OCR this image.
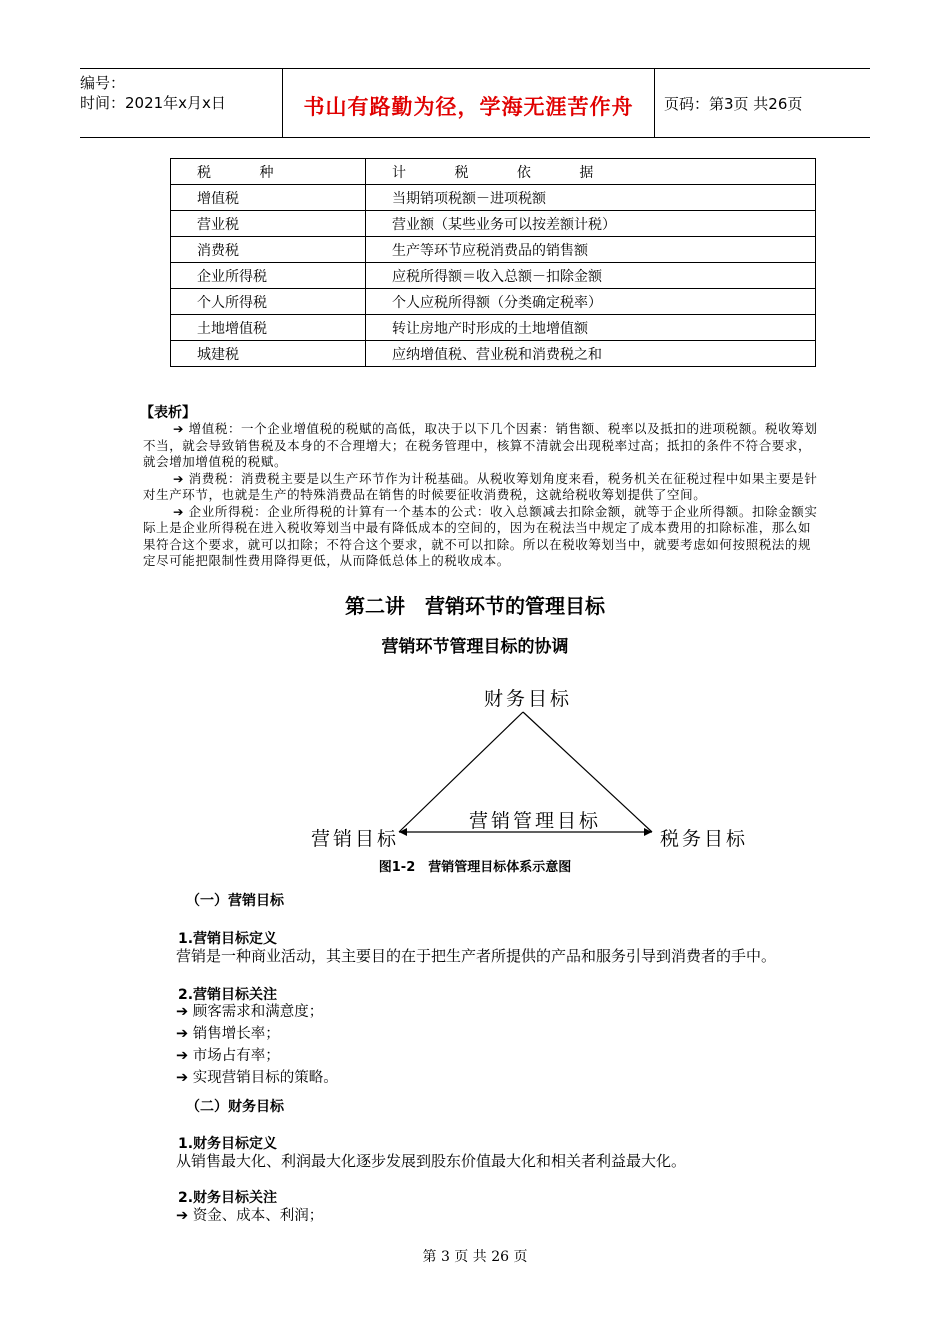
编号：
时间：2021年x月x日	书山有路勤为径，学海无涯苦作舟	页码：第3页 共26页
税 种	计 税 依 据
增值税	当期销项税额－进项税额
营业税	营业额（某些业务可以按差额计税）
消费税	生产等环节应税消费品的销售额
企业所得税	应税所得额＝收入总额－扣除金额
个人所得税	个人应税所得额（分类确定税率）
土地增值税	转让房地产时形成的土地增值额
城建税	应纳增值税、营业税和消费税之和
【表析】

➔ 增值税：一个企业增值税的税赋的高低，取决于以下几个因素：销售额、税率以及抵扣的进项税额。税收筹划不当，就会导致销售税及本身的不合理增大；在税务管理中，核算不清就会出现税率过高；抵扣的条件不符合要求，就会增加增值税的税赋。

➔ 消费税：消费税主要是以生产环节作为计税基础。从税收筹划角度来看，税务机关在征税过程中如果主要是针对生产环节，也就是生产的特殊消费品在销售的时候要征收消费税，这就给税收筹划提供了空间。

➔ 企业所得税：企业所得税的计算有一个基本的公式：收入总额减去扣除金额，就等于企业所得额。扣除金额实际上是企业所得税在进入税收筹划当中最有降低成本的空间的，因为在税法当中规定了成本费用的扣除标准，那么如果符合这个要求，就可以扣除；不符合这个要求，就不可以扣除。所以在税收筹划当中，就要考虑如何按照税法的规定尽可能把限制性费用降得更低，从而降低总体上的税收成本。

第二讲　营销环节的管理目标
营销环节管理目标的协调
财务目标
营销目标	税务目标
营销管理目标
图1-2　营销管理目标体系示意图
（一）营销目标
1.营销目标定义
营销是一种商业活动，其主要目的在于把生产者所提供的产品和服务引导到消费者的手中。
2.营销目标关注
➔ 顾客需求和满意度；
➔ 销售增长率；
➔ 市场占有率；
➔ 实现营销目标的策略。
（二）财务目标
1.财务目标定义
从销售最大化、利润最大化逐步发展到股东价值最大化和相关者利益最大化。
2.财务目标关注
➔ 资金、成本、利润；
第 3 页 共 26 页
